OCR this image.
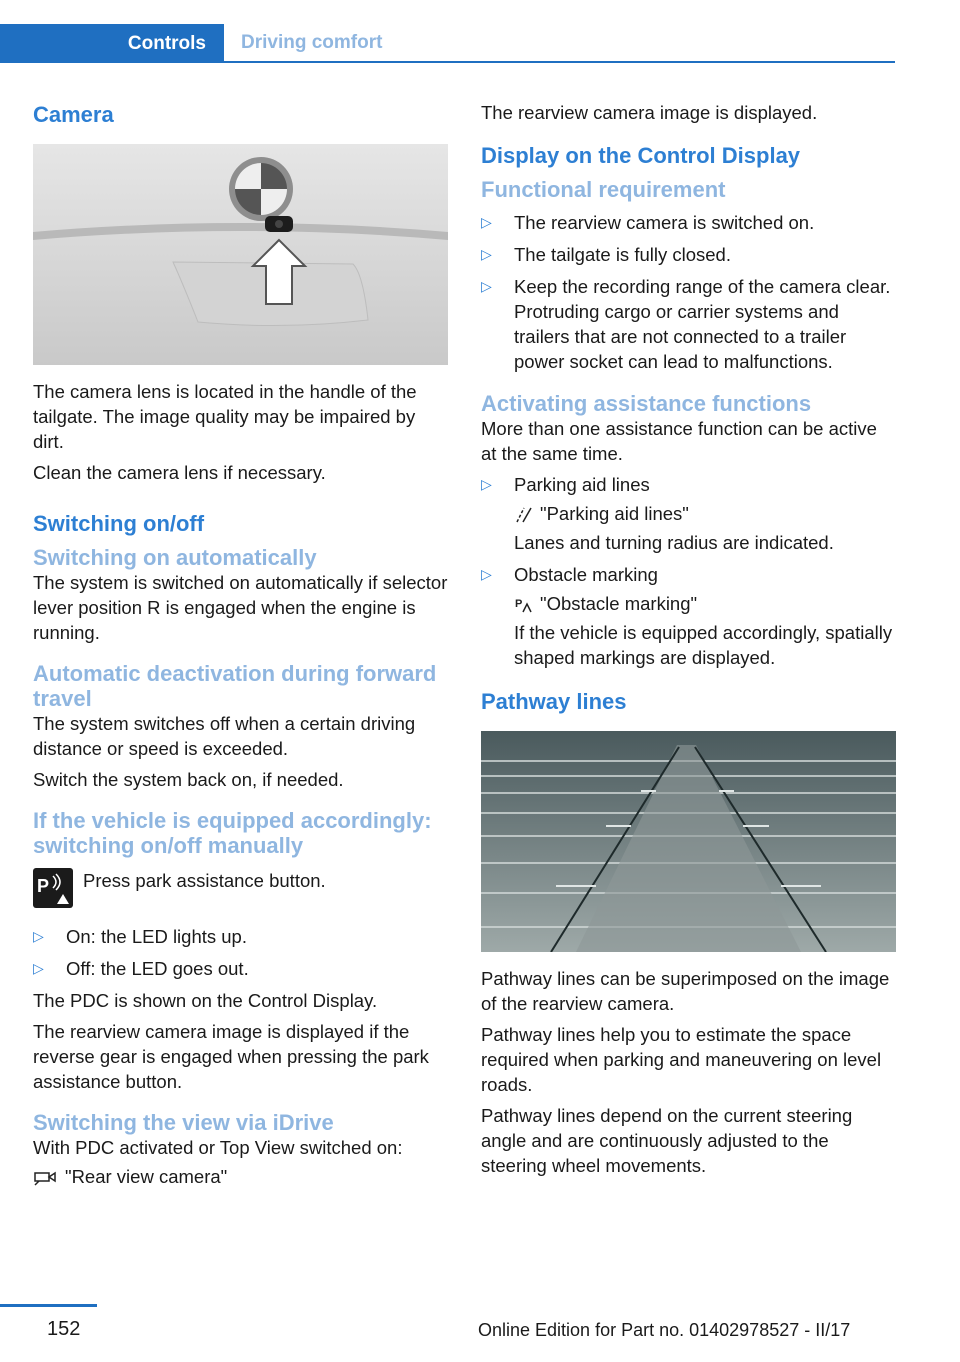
Controls	Driving comfort
Camera

The camera lens is located in the handle of the tailgate. The image quality may be impaired by dirt.

Clean the camera lens if necessary.

Switching on/off
Switching on automatically

The system is switched on automatically if selector lever position R is engaged when the engine is running.

Automatic deactivation during forward travel

The system switches off when a certain driving distance or speed is exceeded.

Switch the system back on, if needed.

If the vehicle is equipped accordingly: switching on/off manually
P Press park assistance button.

▷ On: the LED lights up.
▷ Off: the LED goes out.

The PDC is shown on the Control Display.

The rearview camera image is displayed if the reverse gear is engaged when pressing the park assistance button.

Switching the view via iDrive

With PDC activated or Top View switched on:

"Rear view camera"

The rearview camera image is displayed.

Display on the Control Display
Functional requirement
▷ The rearview camera is switched on.
▷ The tailgate is fully closed.
▷ Keep the recording range of the camera clear. Protruding cargo or carrier systems and trailers that are not connected to a trailer power socket can lead to malfunctions.
Activating assistance functions

More than one assistance function can be active at the same time.

▷ Parking aid lines
"Parking aid lines"
Lanes and turning radius are indicated.
▷ Obstacle marking
P "Obstacle marking"
If the vehicle is equipped accordingly, spatially shaped markings are displayed.
Pathway lines

Pathway lines can be superimposed on the image of the rearview camera.

Pathway lines help you to estimate the space required when parking and maneuvering on level roads.

Pathway lines depend on the current steering angle and are continuously adjusted to the steering wheel movements.

152	Online Edition for Part no. 01402978527 - II/17
